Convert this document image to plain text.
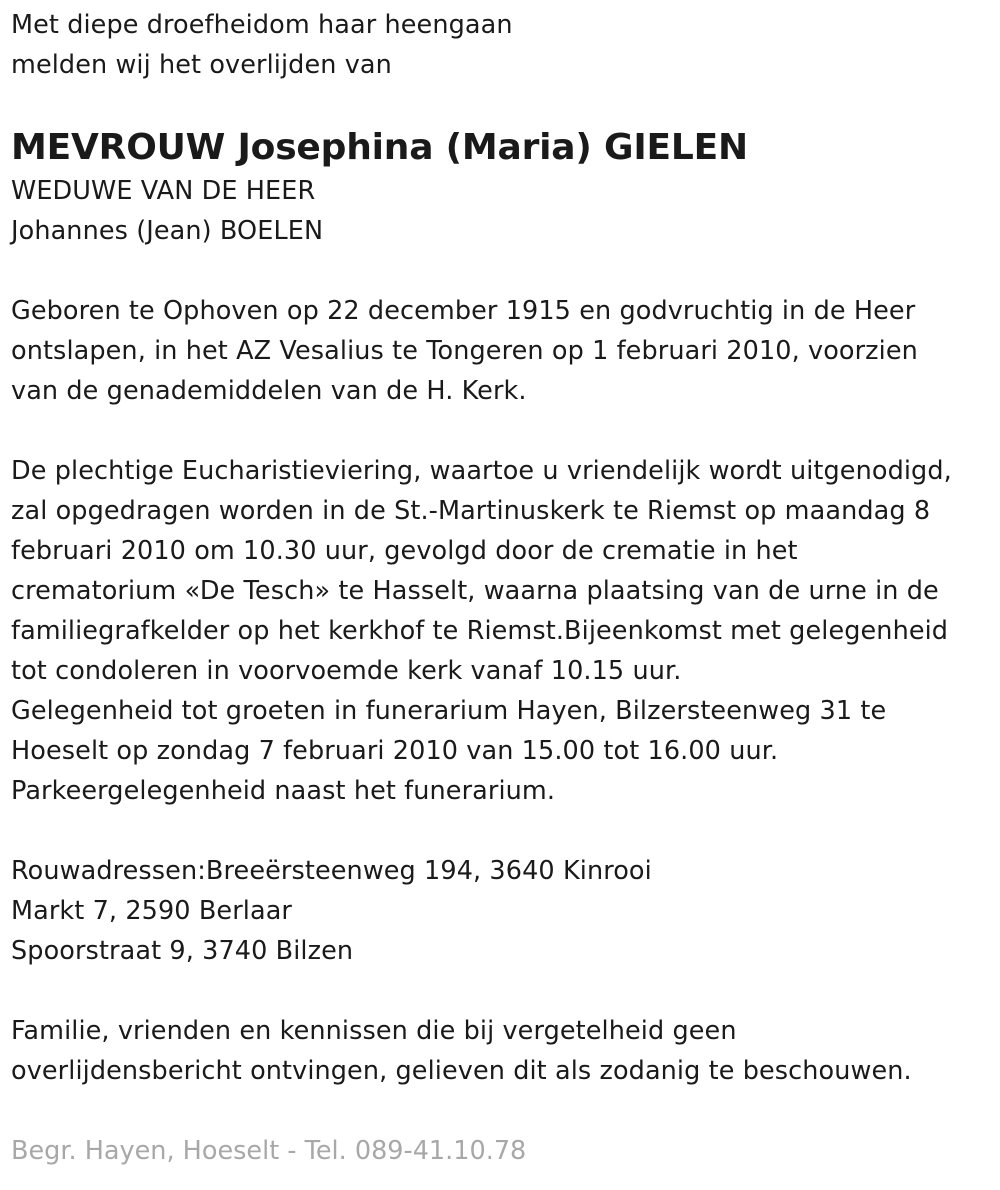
Met diepe droefheidom haar heengaan
melden wij het overlijden van
MEVROUW Josephina (Maria) GIELEN
WEDUWE VAN DE HEER
Johannes (Jean) BOELEN
Geboren te Ophoven op 22 december 1915 en godvruchtig in de Heer
ontslapen, in het AZ Vesalius te Tongeren op 1 februari 2010, voorzien
van de genademiddelen van de H. Kerk.
De plechtige Eucharistieviering, waartoe u vriendelijk wordt uitgenodigd,
zal opgedragen worden in de St.-Martinuskerk te Riemst op maandag 8
februari 2010 om 10.30 uur, gevolgd door de crematie in het
crematorium «De Tesch» te Hasselt, waarna plaatsing van de urne in de
familiegrafkelder op het kerkhof te Riemst.Bijeenkomst met gelegenheid
tot condoleren in voorvoemde kerk vanaf 10.15 uur.
Gelegenheid tot groeten in funerarium Hayen, Bilzersteenweg 31 te
Hoeselt op zondag 7 februari 2010 van 15.00 tot 16.00 uur.
Parkeergelegenheid naast het funerarium.
Rouwadressen:Breeërsteenweg 194, 3640 Kinrooi
Markt 7, 2590 Berlaar
Spoorstraat 9, 3740 Bilzen
Familie, vrienden en kennissen die bij vergetelheid geen
overlijdensbericht ontvingen, gelieven dit als zodanig te beschouwen.
Begr. Hayen, Hoeselt - Tel. 089-41.10.78
